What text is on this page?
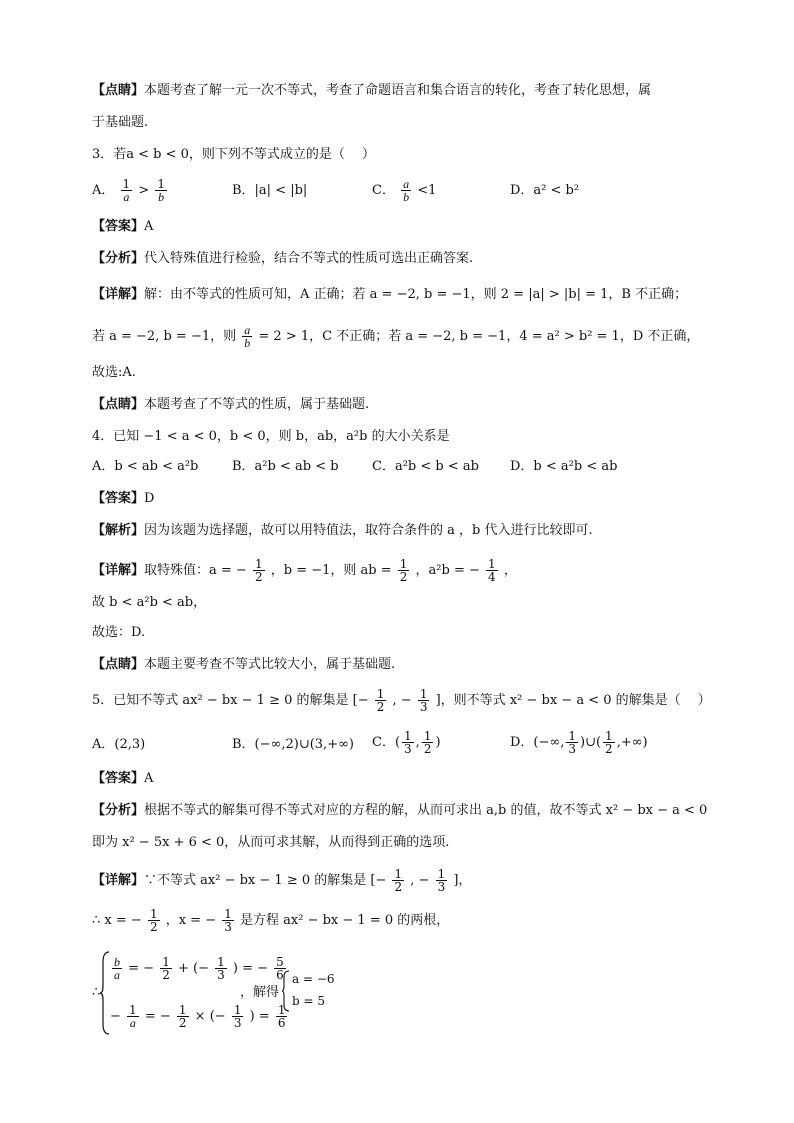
【点睛】本题考查了解一元一次不等式，考查了命题语言和集合语言的转化，考查了转化思想，属
于基础题.
3．若a < b < 0，则下列不等式成立的是（　 ）
A． $\frac{1}{a} > \frac{1}{b}$	B．|a| < |b|	C． $\frac{a}{b} <1$	D．a² < b²
【答案】A
【分析】代入特殊值进行检验，结合不等式的性质可选出正确答案.
【详解】解：由不等式的性质可知，A 正确；若 a = −2, b = −1，则 2 = |a| > |b| = 1，B 不正确；
若 a = −2, b = −1，则 $\frac{a}{b} = 2 > 1$，C 不正确；若 a = −2, b = −1，4 = a² > b² = 1，D 不正确，
故选:A.
【点睛】本题考查了不等式的性质，属于基础题.
4．已知 −1 < a < 0，b < 0，则 b，ab，a²b 的大小关系是
A．b < ab < a²b	B．a²b < ab < b	C．a²b < b < ab D．b < a²b < ab
【答案】D
【解析】因为该题为选择题，故可以用特值法，取符合条件的 a ，b 代入进行比较即可.
【详解】取特殊值：a = − $\frac{1}{2}$ ，b = −1，则 ab = $\frac{1}{2}$ ，a²b = − $\frac{1}{4}$ ，
故 b < a²b < ab，
故选：D.
【点睛】本题主要考查不等式比较大小，属于基础题.
5．已知不等式 ax² − bx − 1 ≥ 0 的解集是 [− $\frac{1}{2}$ , − $\frac{1}{3}$ ]，则不等式 x² − bx − a < 0 的解集是（　 ）
A．(2,3)	B．(−∞,2)∪(3,+∞) C．( $\frac{1}{3}$ , $\frac{1}{2}$ )	D．(−∞, $\frac{1}{3}$ )∪( $\frac{1}{2}$ ,+∞)
【答案】A
【分析】根据不等式的解集可得不等式对应的方程的解，从而可求出 a,b 的值，故不等式 x² − bx − a < 0
即为 x² − 5x + 6 < 0，从而可求其解，从而得到正确的选项.
【详解】∵不等式 ax² − bx − 1 ≥ 0 的解集是 [− $\frac{1}{2}$ , − $\frac{1}{3}$ ]，
∴ x = − $\frac{1}{2}$ ，x = − $\frac{1}{3}$ 是方程 ax² − bx − 1 = 0 的两根，
∴
$\frac{b}{a}$ = − $\frac{1}{2}$ + (− $\frac{1}{3}$ ) = − $\frac{5}{6}$
− $\frac{1}{a}$ = − $\frac{1}{2}$ × (− $\frac{1}{3}$ ) = $\frac{1}{6}$
，解得
a = −6
b = 5
